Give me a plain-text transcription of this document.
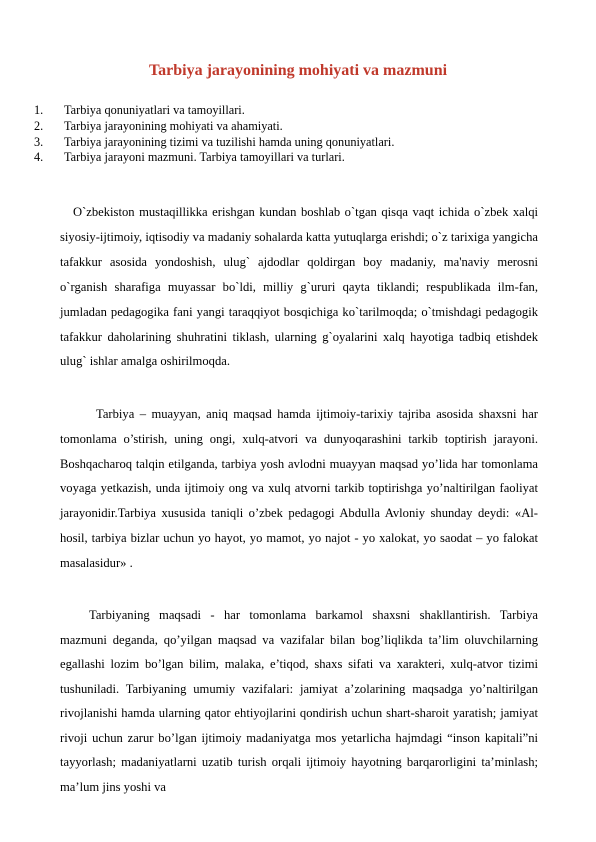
Tarbiya jarayonining mohiyati va mazmuni
1.	Tarbiya qonuniyatlari va tamoyillari.
2.	Tarbiya jarayonining mohiyati va ahamiyati.
3.	Tarbiya jarayonining tizimi va tuzilishi hamda uning qonuniyatlari.
4.	Tarbiya jarayoni mazmuni. Tarbiya tamoyillari va turlari.

O`zbekiston mustaqillikka erishgan kundan boshlab o`tgan qisqa vaqt ichida o`zbek xalqi siyosiy-ijtimoiy, iqtisodiy va madaniy sohalarda katta yutuqlarga erishdi; o`z tarixiga yangicha tafakkur asosida yondoshish, ulug` ajdodlar qoldirgan boy madaniy, ma'naviy merosni o`rganish sharafiga muyassar bo`ldi, milliy g`ururi qayta tiklandi; respublikada ilm-fan, jumladan pedagogika fani yangi taraqqiyot bosqichiga ko`tarilmoqda; o`tmishdagi pedagogik tafakkur daholarining shuhratini tiklash, ularning g`oyalarini xalq hayotiga tadbiq etishdek ulug` ishlar amalga oshirilmoqda.

Tarbiya – muayyan, aniq maqsad hamda ijtimoiy-tarixiy tajriba asosida shaxsni har tomonlama o’stirish, uning ongi, xulq-atvori va dunyoqarashini tarkib toptirish jarayoni. Boshqacharoq talqin etilganda, tarbiya yosh avlodni muayyan maqsad yo’lida har tomonlama voyaga yetkazish, unda ijtimoiy ong va xulq atvorni tarkib toptirishga yo’naltirilgan faoliyat jarayonidir.Tarbiya xususida taniqli o’zbek pedagogi Abdulla Avloniy shunday deydi: «Al-hosil, tarbiya bizlar uchun yo hayot, yo mamot, yo najot - yo xalokat, yo saodat – yo falokat masalasidur» .

Tarbiyaning maqsadi - har tomonlama barkamol shaxsni shakllantirish. Tarbiya mazmuni deganda, qo’yilgan maqsad va vazifalar bilan bog’liqlikda ta’lim oluvchilarning egallashi lozim bo’lgan bilim, malaka, e’tiqod, shaxs sifati va xarakteri, xulq-atvor tizimi tushuniladi. Tarbiyaning umumiy vazifalari: jamiyat a’zolarining maqsadga yo’naltirilgan rivojlanishi hamda ularning qator ehtiyojlarini qondirish uchun shart-sharoit yaratish; jamiyat rivoji uchun zarur bo’lgan ijtimoiy madaniyatga mos yetarlicha hajmdagi “inson kapitali”ni tayyorlash; madaniyatlarni uzatib turish orqali ijtimoiy hayotning barqarorligini ta’minlash; ma’lum jins yoshi va
